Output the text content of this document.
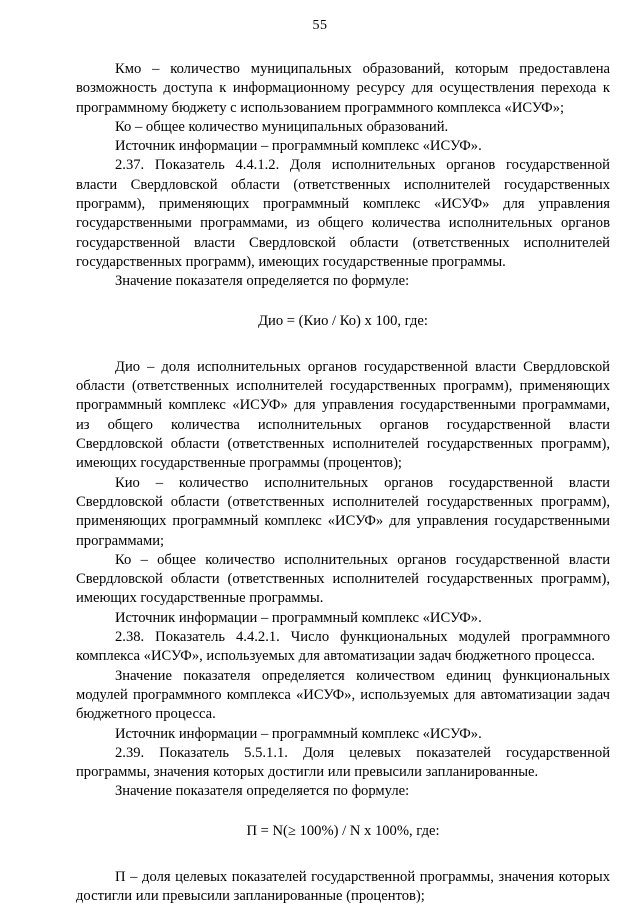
55

Кмо – количество муниципальных образований, которым предоставлена возможность доступа к информационному ресурсу для осуществления перехода к программному бюджету с использованием программного комплекса «ИСУФ»;

Ко – общее количество муниципальных образований.

Источник информации – программный комплекс «ИСУФ».

2.37. Показатель 4.4.1.2. Доля исполнительных органов государственной власти Свердловской области (ответственных исполнителей государственных программ), применяющих программный комплекс «ИСУФ» для управления государственными программами, из общего количества исполнительных органов государственной власти Свердловской области (ответственных исполнителей государственных программ), имеющих государственные программы.

Значение показателя определяется по формуле:

Дио = (Кио / Ко) х 100, где:

Дио – доля исполнительных органов государственной власти Свердловской области (ответственных исполнителей государственных программ), применяющих программный комплекс «ИСУФ» для управления государственными программами, из общего количества исполнительных органов государственной власти Свердловской области (ответственных исполнителей государственных программ), имеющих государственные программы (процентов);

Кио – количество исполнительных органов государственной власти Свердловской области (ответственных исполнителей государственных программ), применяющих программный комплекс «ИСУФ» для управления государственными программами;

Ко – общее количество исполнительных органов государственной власти Свердловской области (ответственных исполнителей государственных программ), имеющих государственные программы.

Источник информации – программный комплекс «ИСУФ».

2.38. Показатель 4.4.2.1. Число функциональных модулей программного комплекса «ИСУФ», используемых для автоматизации задач бюджетного процесса.

Значение показателя определяется количеством единиц функциональных модулей программного комплекса «ИСУФ», используемых для автоматизации задач бюджетного процесса.

Источник информации – программный комплекс «ИСУФ».

2.39. Показатель 5.5.1.1. Доля целевых показателей государственной программы, значения которых достигли или превысили запланированные.

Значение показателя определяется по формуле:

П = N(≥ 100%) / N х 100%, где:

П – доля целевых показателей государственной программы, значения которых достигли или превысили запланированные (процентов);
